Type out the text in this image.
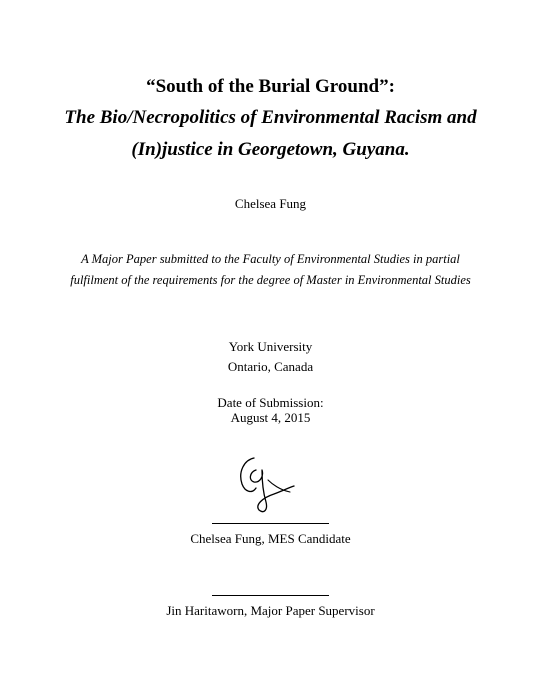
“South of the Burial Ground”:
The Bio/Necropolitics of Environmental Racism and
(In)justice in Georgetown, Guyana.
Chelsea Fung
A Major Paper submitted to the Faculty of Environmental Studies in partial
fulfilment of the requirements for the degree of Master in Environmental Studies
York University
Ontario, Canada
Date of Submission:
August 4, 2015
Chelsea Fung, MES Candidate
Jin Haritaworn, Major Paper Supervisor
